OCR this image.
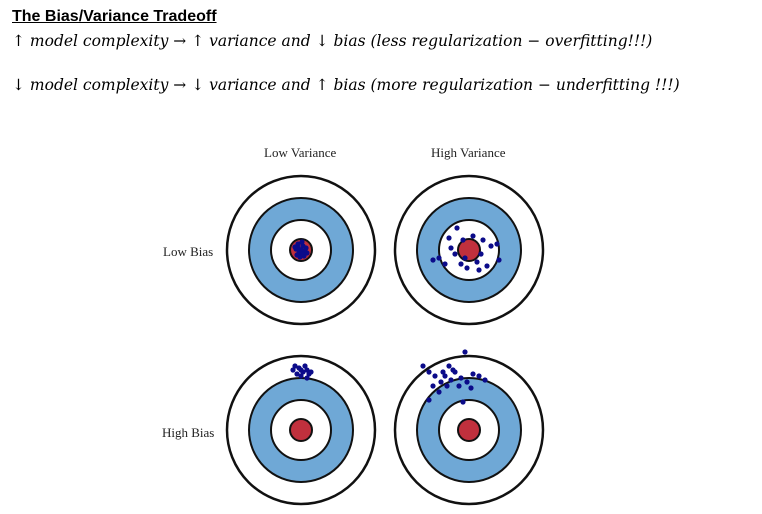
The Bias/Variance Tradeoff
↑ model complexity → ↑ variance and ↓ bias (less regularization − overfitting!!!)
↓ model complexity → ↓ variance and ↑ bias (more regularization − underfitting !!!)
Low Variance	High Variance
Low Bias
High Bias
